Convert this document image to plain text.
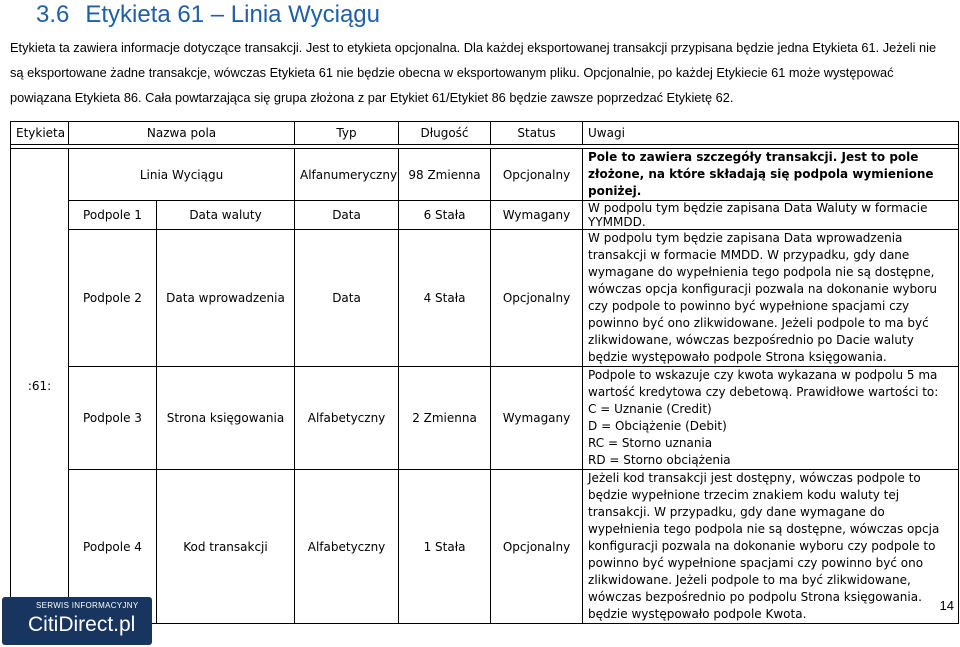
3.6 Etykieta 61 – Linia Wyciągu
Etykieta ta zawiera informacje dotyczące transakcji. Jest to etykieta opcjonalna. Dla każdej eksportowanej transakcji przypisana będzie jedna Etykieta 61. Jeżeli nie
są eksportowane żadne transakcje, wówczas Etykieta 61 nie będzie obecna w eksportowanym pliku. Opcjonalnie, po każdej Etykiecie 61 może występować
powiązana Etykieta 86. Cała powtarzająca się grupa złożona z par Etykiet 61/Etykiet 86 będzie zawsze poprzedzać Etykietę 62.
Etykieta	Nazwa pola		Typ	Długość	Status	Uwagi

:61:	Linia Wyciągu		Alfanumeryczny	98 Zmienna	Opcjonalny	Pole to zawiera szczegóły transakcji. Jest to pole złożone, na które składają się podpola wymienione poniżej.
	Podpole 1	Data waluty	Data	6 Stała	Wymagany	W podpolu tym będzie zapisana Data Waluty w formacie YYMMDD.
	Podpole 2	Data wprowadzenia	Data	4 Stała	Opcjonalny	W podpolu tym będzie zapisana Data wprowadzenia transakcji w formacie MMDD. W przypadku, gdy dane wymagane do wypełnienia tego podpola nie są dostępne, wówczas opcja konfiguracji pozwala na dokonanie wyboru czy podpole to powinno być wypełnione spacjami czy powinno być ono zlikwidowane. Jeżeli podpole to ma być zlikwidowane, wówczas bezpośrednio po Dacie waluty będzie występowało podpole Strona księgowania.
	Podpole 3	Strona księgowania	Alfabetyczny	2 Zmienna	Wymagany	Podpole to wskazuje czy kwota wykazana w podpolu 5 ma wartość kredytowa czy debetową. Prawidłowe wartości to:
C = Uznanie (Credit)
D = Obciążenie (Debit)
RC = Storno uznania
RD = Storno obciążenia

	Podpole 4	Kod transakcji	Alfabetyczny	1 Stała	Opcjonalny	Jeżeli kod transakcji jest dostępny, wówczas podpole to będzie wypełnione trzecim znakiem kodu waluty tej transakcji. W przypadku, gdy dane wymagane do wypełnienia tego podpola nie są dostępne, wówczas opcja konfiguracji pozwala na dokonanie wyboru czy podpole to powinno być wypełnione spacjami czy powinno być ono zlikwidowane. Jeżeli podpole to ma być zlikwidowane, wówczas bezpośrednio po podpolu Strona księgowania. będzie występowało podpole Kwota.
SERWIS INFORMACYJNY
CitiDirect.pl
14
